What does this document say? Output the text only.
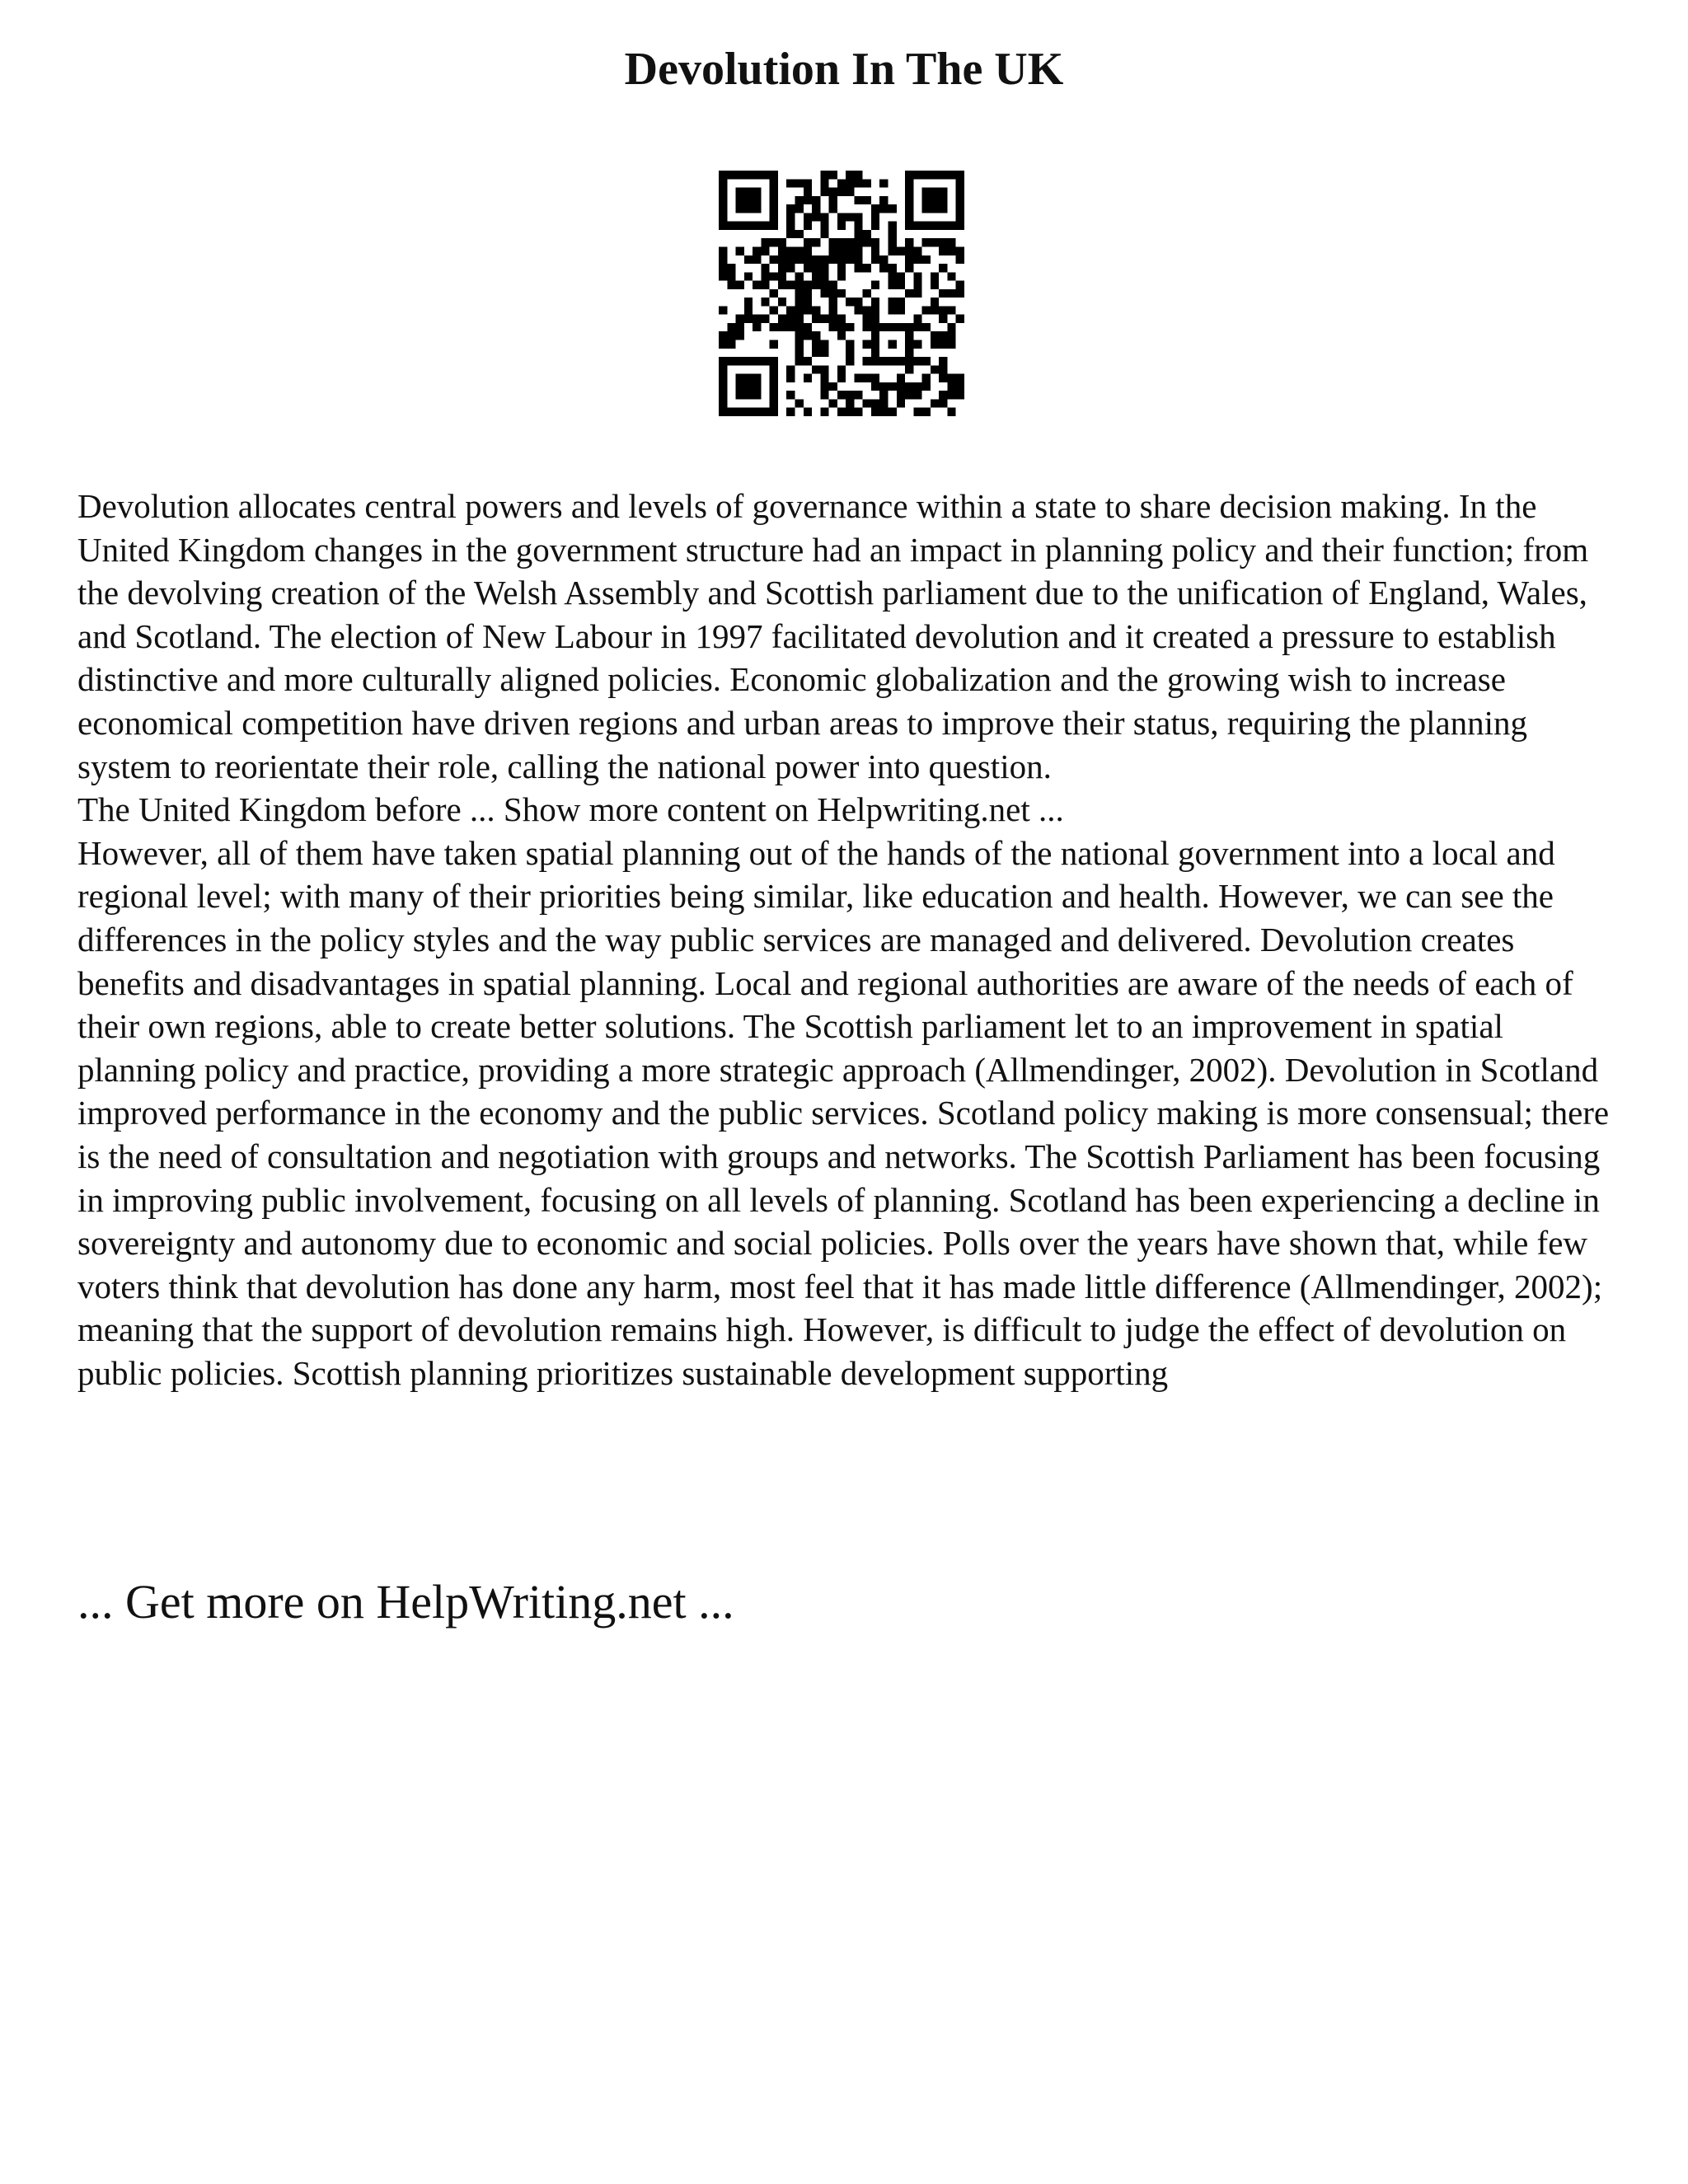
Devolution In The UK

Devolution allocates central powers and levels of governance within a state to share decision making. In the United Kingdom changes in the government structure had an impact in planning policy and their function; from the devolving creation of the Welsh Assembly and Scottish parliament due to the unification of England, Wales, and Scotland. The election of New Labour in 1997 facilitated devolution and it created a pressure to establish distinctive and more culturally aligned policies. Economic globalization and the growing wish to increase economical competition have driven regions and urban areas to improve their status, requiring the planning system to reorientate their role, calling the national power into question.

The United Kingdom before ... Show more content on Helpwriting.net ...

However, all of them have taken spatial planning out of the hands of the national government into a local and regional level; with many of their priorities being similar, like education and health. However, we can see the differences in the policy styles and the way public services are managed and delivered. Devolution creates benefits and disadvantages in spatial planning. Local and regional authorities are aware of the needs of each of their own regions, able to create better solutions. The Scottish parliament let to an improvement in spatial planning policy and practice, providing a more strategic approach (Allmendinger, 2002). Devolution in Scotland improved performance in the economy and the public services. Scotland policy making is more consensual; there is the need of consultation and negotiation with groups and networks. The Scottish Parliament has been focusing in improving public involvement, focusing on all levels of planning. Scotland has been experiencing a decline in sovereignty and autonomy due to economic and social policies. Polls over the years have shown that, while few voters think that devolution has done any harm, most feel that it has made little difference (Allmendinger, 2002); meaning that the support of devolution remains high. However, is difficult to judge the effect of devolution on public policies. Scottish planning prioritizes sustainable development supporting

... Get more on HelpWriting.net ...
